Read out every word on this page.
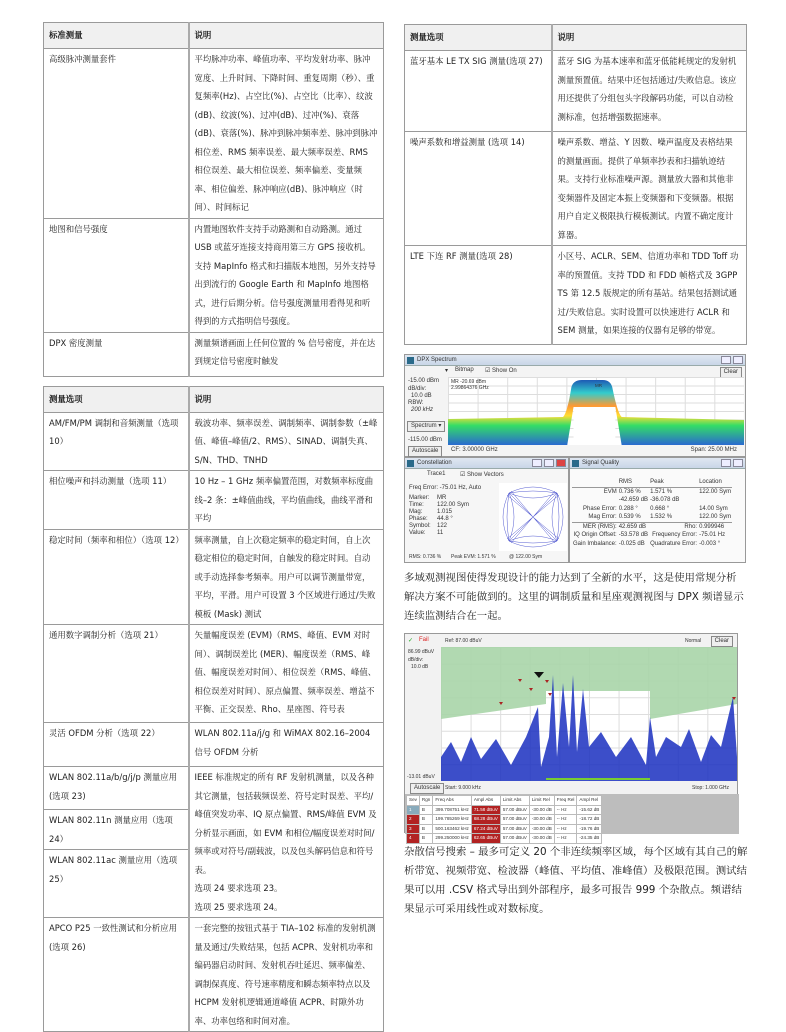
标准测量	说明
高级脉冲测量套件	平均脉冲功率、峰值功率、平均发射功率、脉冲宽度、上升时间、下降时间、重复周期（秒）、重复频率(Hz)、占空比(%)、占空比（比率）、纹波(dB)、纹波(%)、过冲(dB)、过冲(%)、衰落(dB)、衰落(%)、脉冲到脉冲频率差、脉冲到脉冲相位差、RMS 频率误差、最大频率误差、RMS 相位误差、最大相位误差、频率偏差、变量频率、相位偏差、脉冲响应(dB)、脉冲响应（时间）、时间标记
地图和信号强度	内置地图软件支持手动路测和自动路测。通过 USB 或蓝牙连接支持商用第三方 GPS 接收机。支持 MapInfo 格式和扫描版本地图，另外支持导出到流行的 Google Earth 和 MapInfo 地图格式，进行后期分析。信号强度测量用看得见和听得到的方式指明信号强度。
DPX 密度测量	测量频谱画面上任何位置的 % 信号密度，并在达到规定信号密度时触发
测量选项	说明
AM/FM/PM 调制和音频测量（选项 10）	载波功率、频率误差、调制频率、调制参数（±峰值、峰值–峰值/2、RMS）、SINAD、调制失真、S/N、THD、TNHD
相位噪声和抖动测量（选项 11）	10 Hz – 1 GHz 频率偏置范围，对数频率标度曲线–2 条：±峰值曲线，平均值曲线，曲线平滑和平均
稳定时间（频率和相位）（选项 12）	频率测量，自上次稳定频率的稳定时间，自上次稳定相位的稳定时间，自触发的稳定时间。自动或手动选择参考频率。用户可以调节测量带宽，平均，平滑。用户可设置 3 个区域进行通过/失败模板 (Mask) 测试
通用数字调制分析（选项 21）	矢量幅度误差 (EVM)（RMS、峰值、EVM 对时间）、调制误差比 (MER)、幅度误差（RMS、峰值、幅度误差对时间）、相位误差（RMS、峰值、相位误差对时间）、原点偏置、频率误差、增益不平衡、正交误差、Rho、星座图、符号表
灵活 OFDM 分析（选项 22）	WLAN 802.11a/j/g 和 WiMAX 802.16–2004 信号 OFDM 分析
WLAN 802.11a/b/g/j/p 测量应用 (选项 23)	IEEE 标准规定的所有 RF 发射机测量，以及各种其它测量，包括载频误差、符号定时误差、平均/峰值突发功率、IQ 原点偏置、RMS/峰值 EVM 及分析显示画面，如 EVM 和相位/幅度误差对时间/频率或对符号/副载波，以及包头解码信息和符号表。
选项 24 要求选项 23。
选项 25 要求选项 24。
WLAN 802.11n 测量应用（选项 24）	
WLAN 802.11ac 测量应用（选项 25）	
APCO P25 一致性测试和分析应用 (选项 26)	一套完整的按钮式基于 TIA–102 标准的发射机测量及通过/失败结果，包括 ACPR、发射机功率和编码器启动时间、发射机吞吐延迟、频率偏差、调制保真度、符号速率精度和瞬态频率特点以及 HCPM 发射机逻辑通道峰值 ACPR、时隙外功率、功率包络和时间对准。
测量选项	说明
蓝牙基本 LE TX SIG 测量(选项 27)	蓝牙 SIG 为基本速率和蓝牙低能耗规定的发射机测量预置值。结果中还包括通过/失败信息。该应用还提供了分组包头字段解码功能，可以自动检测标准，包括增强数据速率。
噪声系数和增益测量 (选项 14)	噪声系数、增益、Y 因数、噪声温度及表格结果的测量画面。提供了单频率抄表和扫描轨迹结果。支持行业标准噪声源。测量放大器和其他非变频器件及固定本振上变频器和下变频器。根据用户自定义极限执行模板测试。内置不确定度计算器。
LTE 下连 RF 测量(选项 28)	小区号、ACLR、SEM、信道功率和 TDD Toff 功率的预置值。支持 TDD 和 FDD 帧格式及 3GPP TS 第 12.5 版规定的所有基站。结果包括测试通过/失败信息。实时设置可以快速进行 ACLR 和 SEM 测量，如果连接的仪器有足够的带宽。
DPX Spectrum
▾ Bitmap ☑ Show On	Clear
-15.00 dBm
dB/div:
10.0 dB
RBW:
200 kHz
Spectrum ▾
-115.00 dBm
Autoscale	CF: 3.00000 GHz	Span: 25.00 MHz
MR -20.69 dBm
2.99864376 GHz	MR
Constellation
Trace1 ☑ Show Vectors
Freq Error: -75.01 Hz, Auto
Marker: MR
Time: 122.00 Sym
Mag: 1.015
Phase: 44.8 °
Symbol: 122
Value: 11
RMS: 0.736 % Peak EVM: 1.571 %	@ 122.00 Sym
Signal Quality
	RMS	Peak	Location
EVM	0.736 %	1.571 %	122.00 Sym
	-42.659 dB	-36.078 dB	
Phase Error:	0.288 °	0.668 °	14.00 Sym
Mag Error:	0.539 %	1.532 %	122.00 Sym
MER (RMS):	42.659 dB	Rho:	0.999946
IQ Origin Offset:	-53.578 dB	Frequency Error:	-75.01 Hz
Gain Imbalance:	-0.025 dB	Quadrature Error:	-0.003 °
多域观测视图使得发现设计的能力达到了全新的水平，这是使用常规分析解决方案不可能做到的。这里的调制质量和星座观测视图与 DPX 频谱显示连续监测结合在一起。
✓ Fail	Ref: 87.00 dBuV	Normal	Clear
86.99 dBuV
dB/div:
10.0 dB
-13.01 dBuV
Autoscale Start: 9.000 kHz	Stop: 1.000 GHz
Sev	Rgn	Freq Abs	Ampl Abs	Limit Abs	Limit Rel	Freq Rel	Ampl Rel
1	B	399.708751 kHz	71.58 dBuV	57.00 dBuV	-30.00 dB	-- Hz	-15.62 dB
2	B	199.785269 kHz	68.28 dBuV	57.00 dBuV	-30.00 dB	-- Hz	-18.72 dB
3	B	500.163462 kHz	67.24 dBuV	57.00 dBuV	-30.00 dB	-- Hz	-19.76 dB
4	B	299.250000 kHz	62.65 dBuV	57.00 dBuV	-30.00 dB	-- Hz	-24.35 dB
杂散信号搜索 – 最多可定义 20 个非连续频率区域，每个区域有其自己的解析带宽、视频带宽、检波器（峰值、平均值、准峰值）及极限范围。测试结果可以用 .CSV 格式导出到外部程序，最多可报告 999 个杂散点。频谱结果显示可采用线性或对数标度。
